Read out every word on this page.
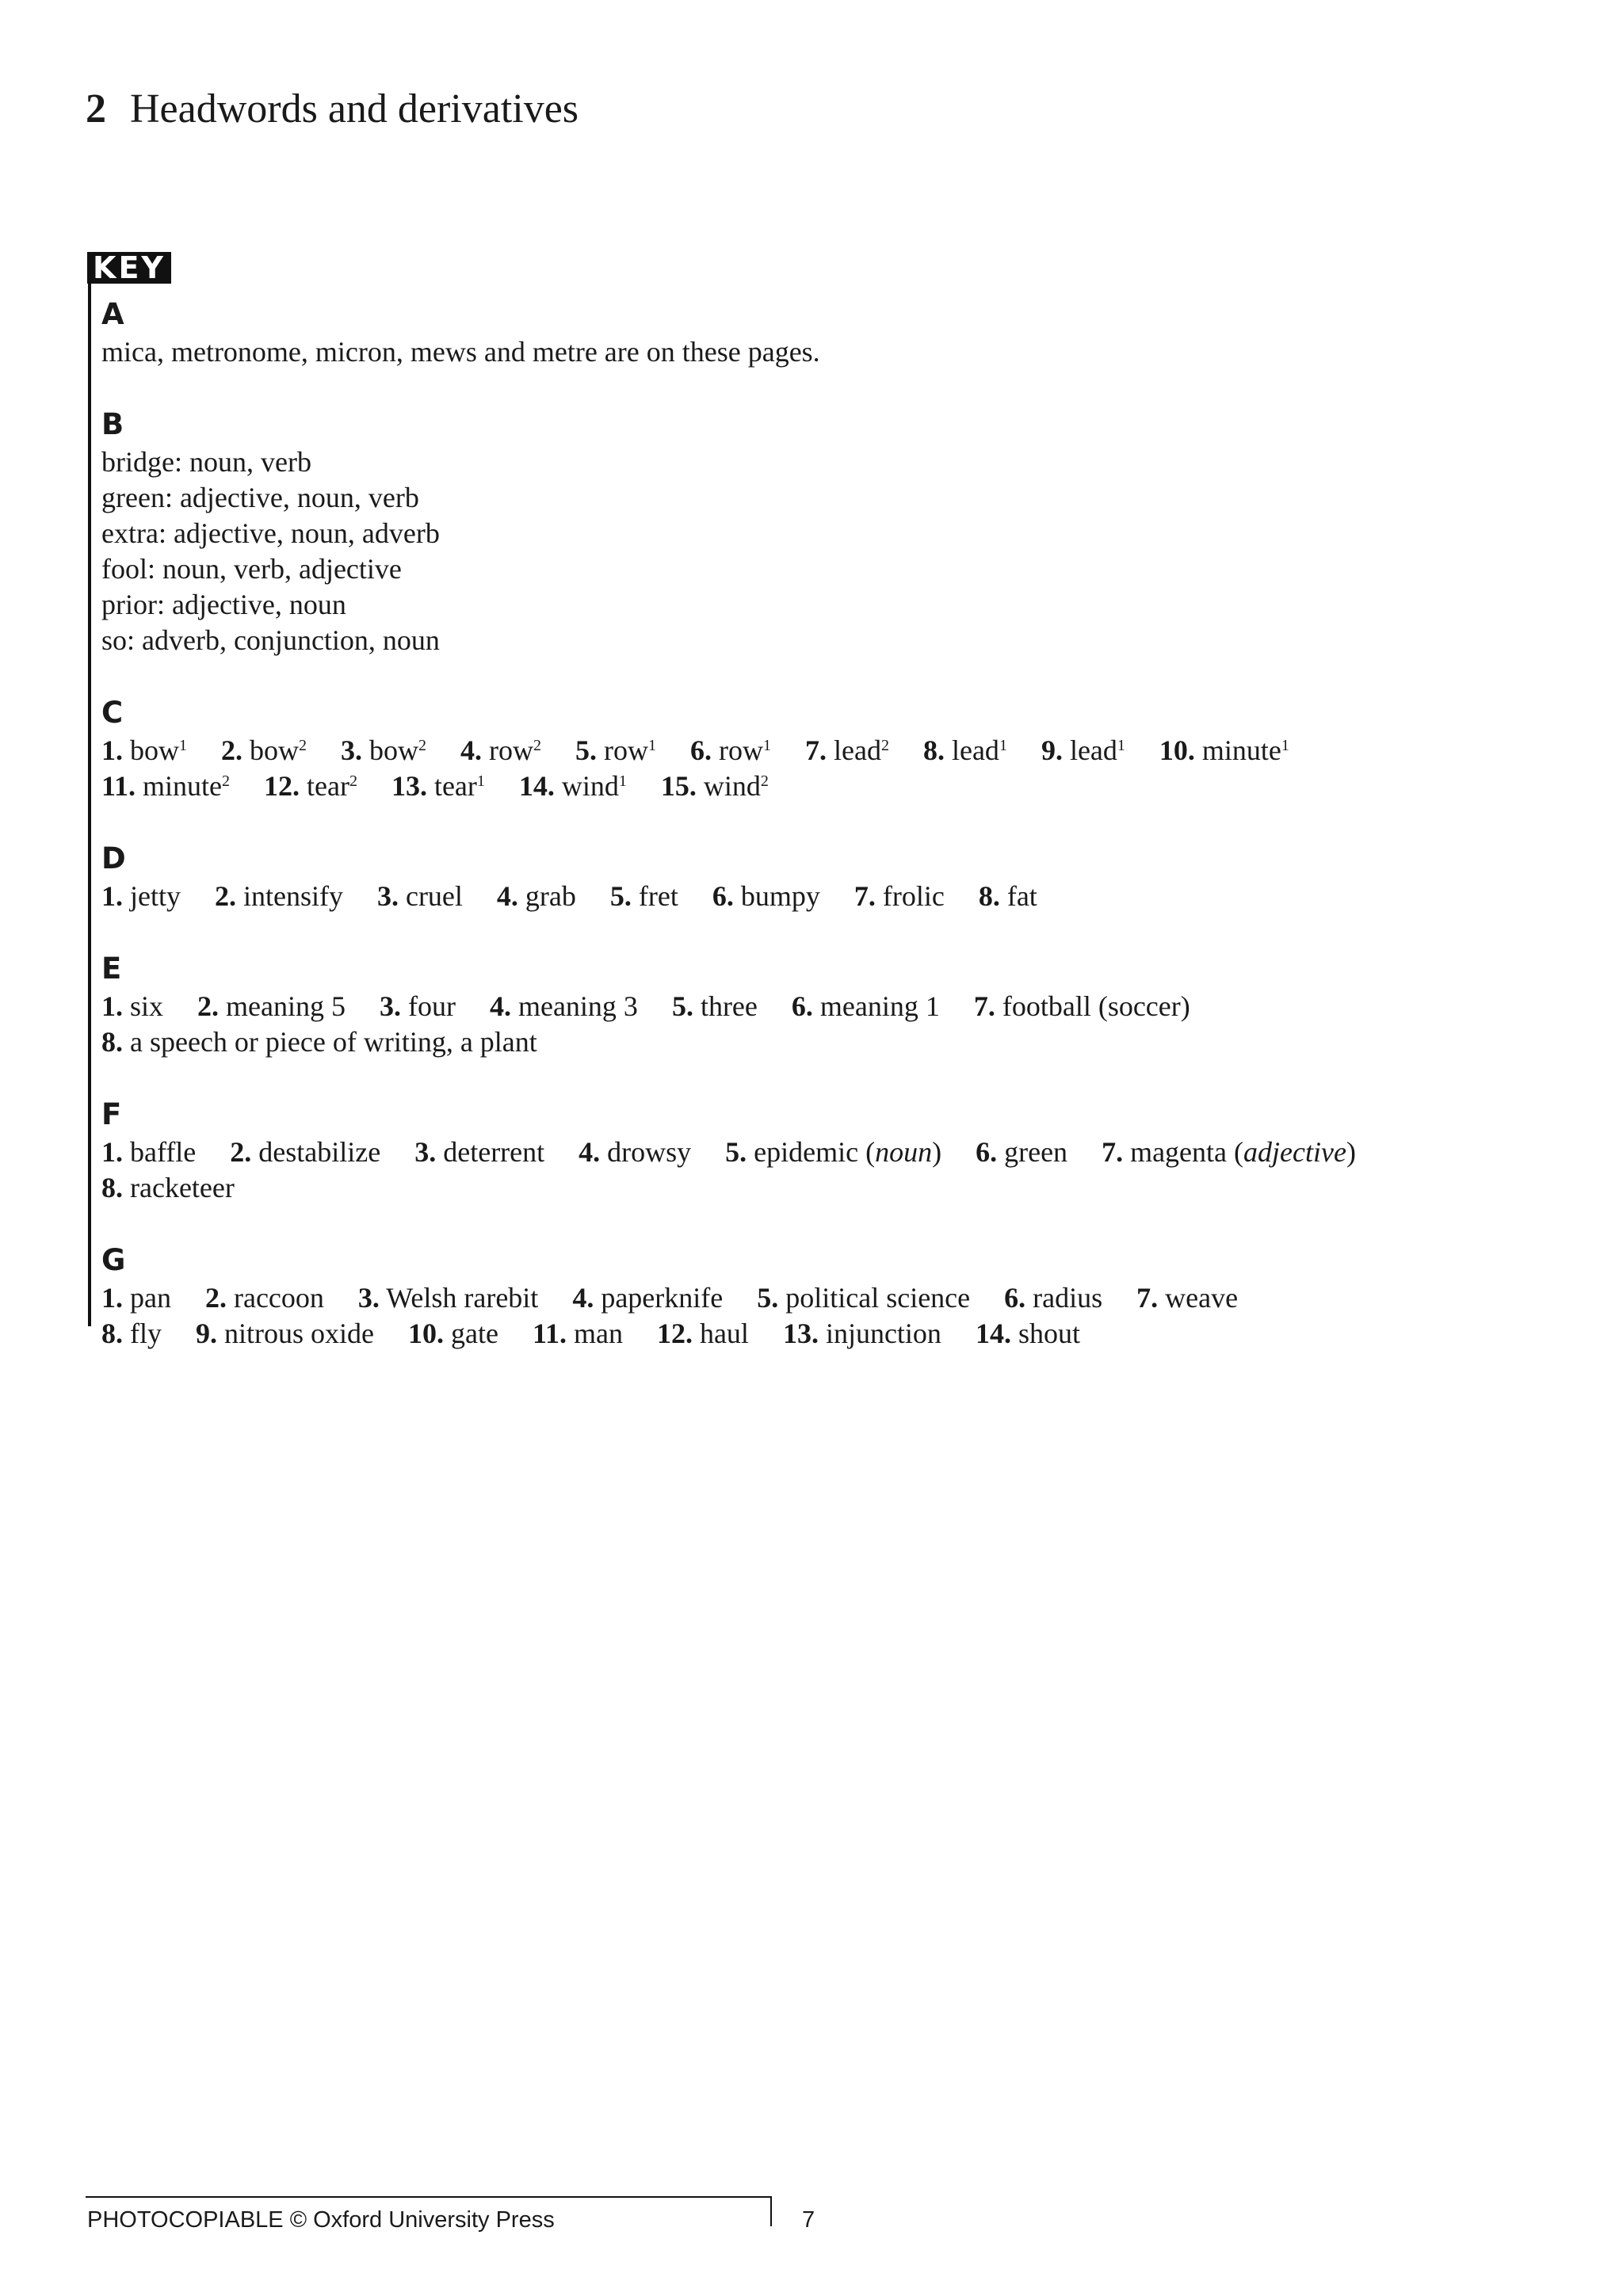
2 Headwords and derivatives
KEY
A
mica, metronome, micron, mews and metre are on these pages.
B
bridge: noun, verb
green: adjective, noun, verb
extra: adjective, noun, adverb
fool: noun, verb, adjective
prior: adjective, noun
so: adverb, conjunction, noun
C
1. bow$^1$ 2. bow$^2$ 3. bow$^2$ 4. row$^2$ 5. row$^1$ 6. row$^1$ 7. lead$^2$ 8. lead$^1$ 9. lead$^1$ 10. minute$^1$
11. minute$^2$ 12. tear$^2$ 13. tear$^1$ 14. wind$^1$ 15. wind$^2$
D
1. jetty 2. intensify 3. cruel 4. grab 5. fret 6. bumpy 7. frolic 8. fat
E
1. six 2. meaning 5 3. four 4. meaning 3 5. three 6. meaning 1 7. football (soccer)
8. a speech or piece of writing, a plant
F
1. baffle 2. destabilize 3. deterrent 4. drowsy 5. epidemic (noun) 6. green 7. magenta (adjective)
8. racketeer
G
1. pan 2. raccoon 3. Welsh rarebit 4. paperknife 5. political science 6. radius 7. weave
8. fly 9. nitrous oxide 10. gate 11. man 12. haul 13. injunction 14. shout
PHOTOCOPIABLE © Oxford University Press	7
